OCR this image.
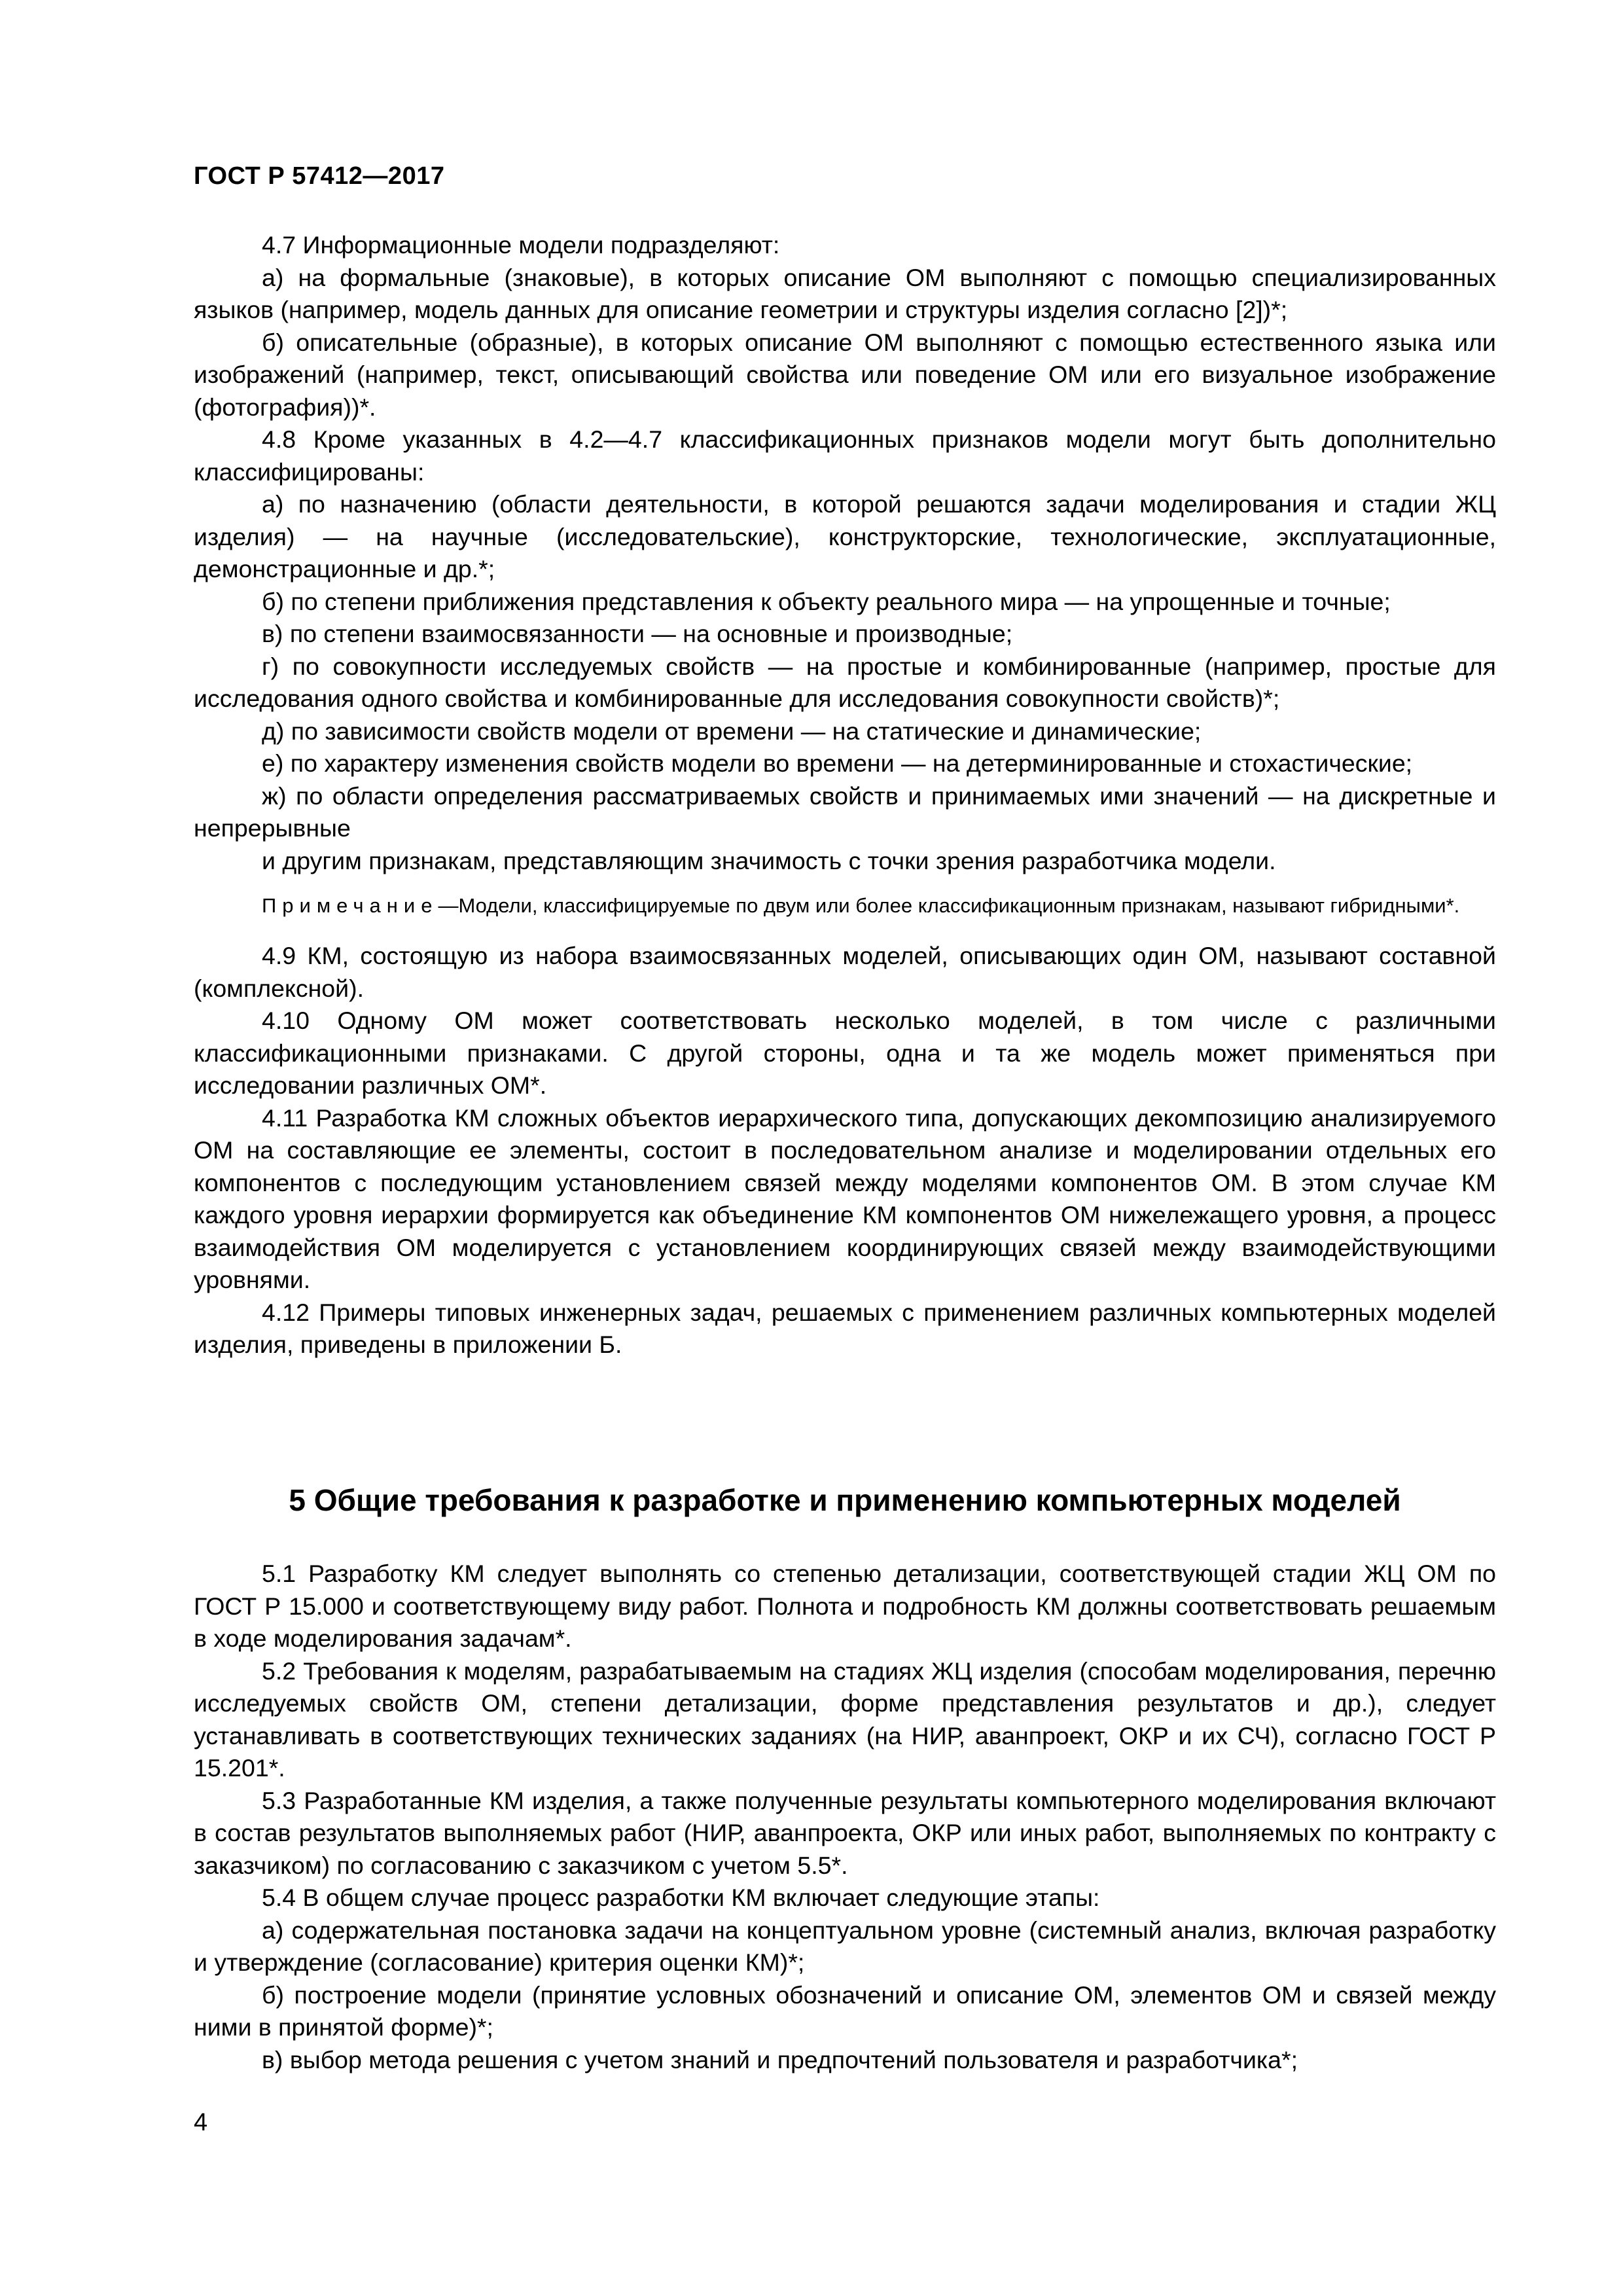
ГОСТ Р 57412—2017

4.7 Информационные модели подразделяют:

а) на формальные (знаковые), в которых описание ОМ выполняют с помощью специализированных языков (например, модель данных для описание геометрии и структуры изделия согласно [2])*;

б) описательные (образные), в которых описание ОМ выполняют с помощью естественного языка или изображений (например, текст, описывающий свойства или поведение ОМ или его визуальное изображение (фотография))*.

4.8 Кроме указанных в 4.2—4.7 классификационных признаков модели могут быть дополнительно классифицированы:

а) по назначению (области деятельности, в которой решаются задачи моделирования и стадии ЖЦ изделия) — на научные (исследовательские), конструкторские, технологические, эксплуатационные, демонстрационные и др.*;

б) по степени приближения представления к объекту реального мира — на упрощенные и точные;

в) по степени взаимосвязанности — на основные и производные;

г) по совокупности исследуемых свойств — на простые и комбинированные (например, простые для исследования одного свойства и комбинированные для исследования совокупности свойств)*;

д) по зависимости свойств модели от времени — на статические и динамические;

е) по характеру изменения свойств модели во времени — на детерминированные и стохастические;

ж) по области определения рассматриваемых свойств и принимаемых ими значений — на дискретные и непрерывные

и другим признакам, представляющим значимость с точки зрения разработчика модели.

Примечание—Модели, классифицируемые по двум или более классификационным признакам, называют гибридными*.

4.9 КМ, состоящую из набора взаимосвязанных моделей, описывающих один ОМ, называют составной (комплексной).

4.10 Одному ОМ может соответствовать несколько моделей, в том числе с различными классификационными признаками. С другой стороны, одна и та же модель может применяться при исследовании различных ОМ*.

4.11 Разработка КМ сложных объектов иерархического типа, допускающих декомпозицию анализируемого ОМ на составляющие ее элементы, состоит в последовательном анализе и моделировании отдельных его компонентов с последующим установлением связей между моделями компонентов ОМ. В этом случае КМ каждого уровня иерархии формируется как объединение КМ компонентов ОМ нижележащего уровня, а процесс взаимодействия ОМ моделируется с установлением координирующих связей между взаимодействующими уровнями.

4.12 Примеры типовых инженерных задач, решаемых с применением различных компьютерных моделей изделия, приведены в приложении Б.

5 Общие требования к разработке и применению компьютерных моделей

5.1 Разработку КМ следует выполнять со степенью детализации, соответствующей стадии ЖЦ ОМ по ГОСТ Р 15.000 и соответствующему виду работ. Полнота и подробность КМ должны соответствовать решаемым в ходе моделирования задачам*.

5.2 Требования к моделям, разрабатываемым на стадиях ЖЦ изделия (способам моделирования, перечню исследуемых свойств ОМ, степени детализации, форме представления результатов и др.), следует устанавливать в соответствующих технических заданиях (на НИР, аванпроект, ОКР и их СЧ), согласно ГОСТ Р 15.201*.

5.3 Разработанные КМ изделия, а также полученные результаты компьютерного моделирования включают в состав результатов выполняемых работ (НИР, аванпроекта, ОКР или иных работ, выполняемых по контракту с заказчиком) по согласованию с заказчиком с учетом 5.5*.

5.4 В общем случае процесс разработки КМ включает следующие этапы:

а) содержательная постановка задачи на концептуальном уровне (системный анализ, включая разработку и утверждение (согласование) критерия оценки КМ)*;

б) построение модели (принятие условных обозначений и описание ОМ, элементов ОМ и связей между ними в принятой форме)*;

в) выбор метода решения с учетом знаний и предпочтений пользователя и разработчика*;

4
